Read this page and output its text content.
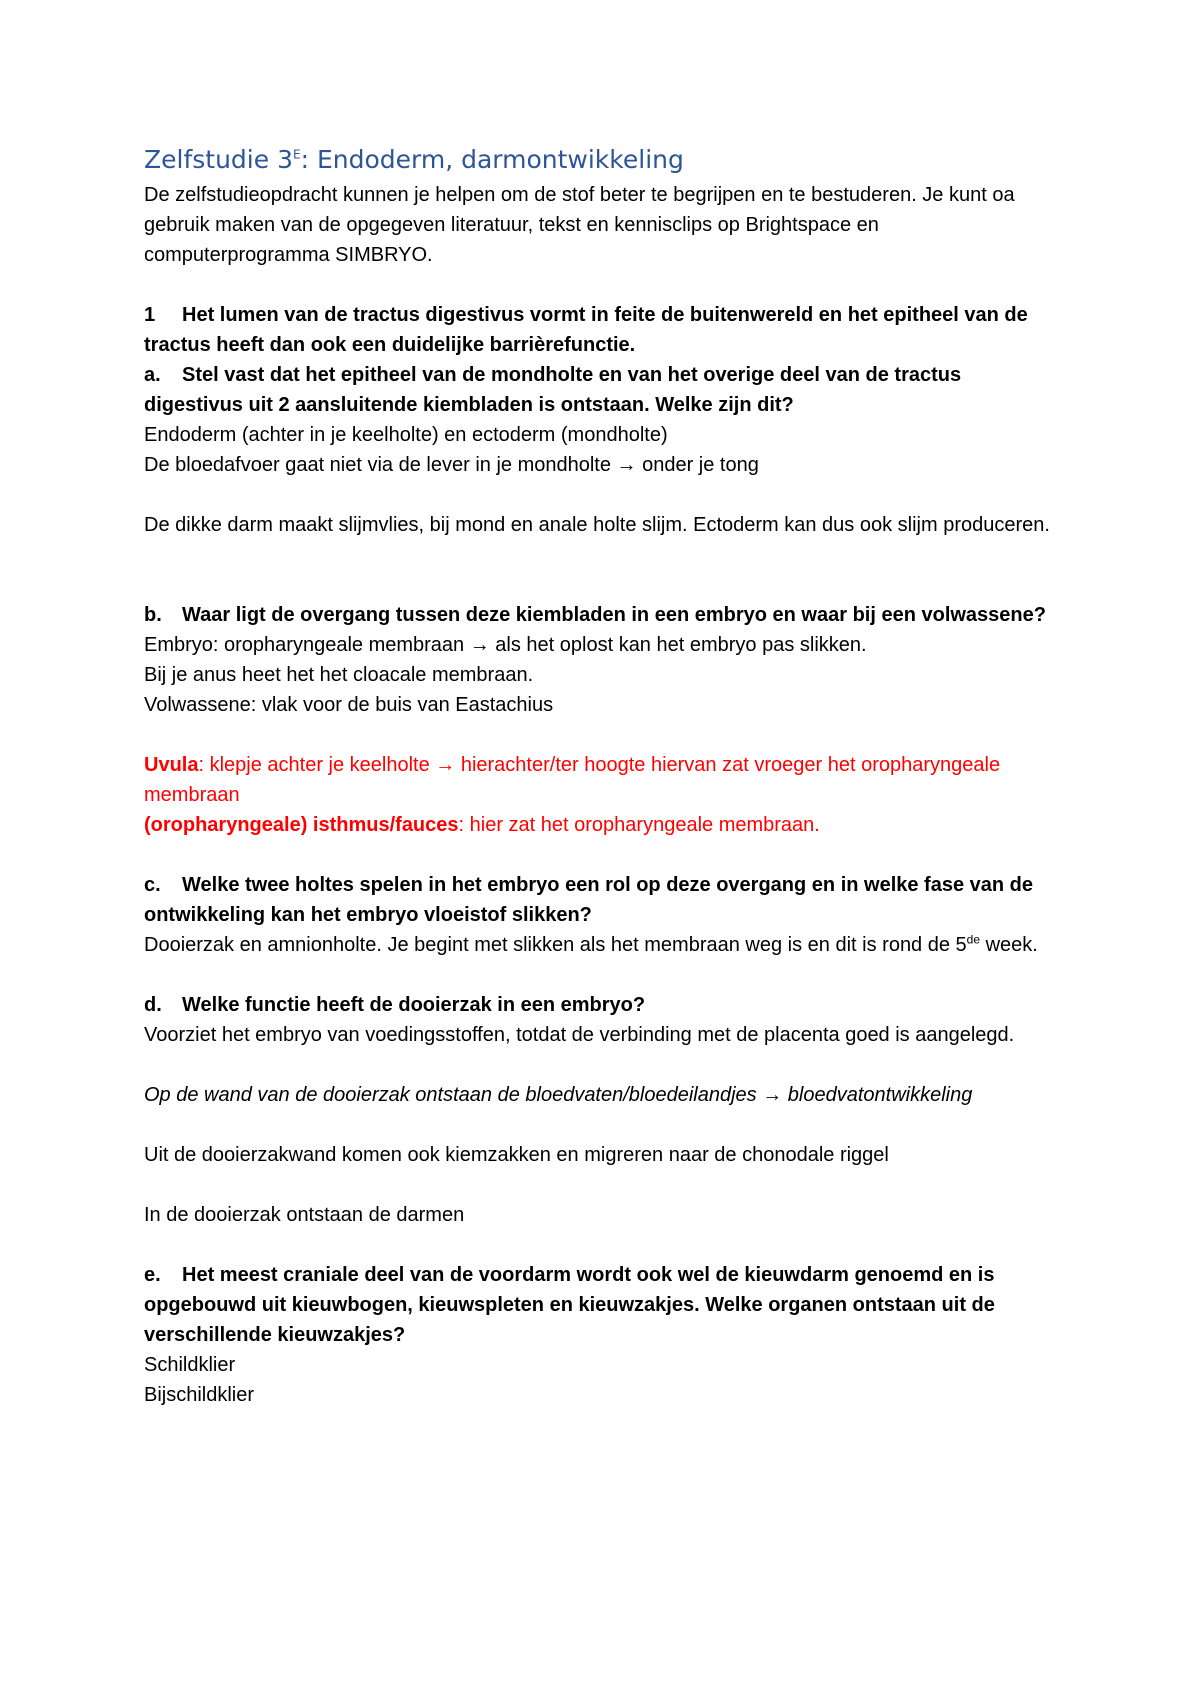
Zelfstudie $3^E$: Endoderm, darmontwikkeling

De zelfstudieopdracht kunnen je helpen om de stof beter te begrijpen en te bestuderen. Je kunt oa gebruik maken van de opgegeven literatuur, tekst en kennisclips op Brightspace en computerprogramma SIMBRYO.

1 Het lumen van de tractus digestivus vormt in feite de buitenwereld en het epitheel van de tractus heeft dan ook een duidelijke barrièrefunctie.

a. Stel vast dat het epitheel van de mondholte en van het overige deel van de tractus digestivus uit 2 aansluitende kiembladen is ontstaan. Welke zijn dit?

Endoderm (achter in je keelholte) en ectoderm (mondholte)

De bloedafvoer gaat niet via de lever in je mondholte → onder je tong

De dikke darm maakt slijmvlies, bij mond en anale holte slijm. Ectoderm kan dus ook slijm produceren.

b. Waar ligt de overgang tussen deze kiembladen in een embryo en waar bij een volwassene?

Embryo: oropharyngeale membraan → als het oplost kan het embryo pas slikken.

Bij je anus heet het het cloacale membraan.

Volwassene: vlak voor de buis van Eastachius

Uvula: klepje achter je keelholte → hierachter/ter hoogte hiervan zat vroeger het oropharyngeale membraan

(oropharyngeale) isthmus/fauces: hier zat het oropharyngeale membraan.

c. Welke twee holtes spelen in het embryo een rol op deze overgang en in welke fase van de ontwikkeling kan het embryo vloeistof slikken?

Dooierzak en amnionholte. Je begint met slikken als het membraan weg is en dit is rond de 5de week.

d. Welke functie heeft de dooierzak in een embryo?

Voorziet het embryo van voedingsstoffen, totdat de verbinding met de placenta goed is aangelegd.

Op de wand van de dooierzak ontstaan de bloedvaten/bloedeilandjes → bloedvatontwikkeling

Uit de dooierzakwand komen ook kiemzakken en migreren naar de chonodale riggel

In de dooierzak ontstaan de darmen

e. Het meest craniale deel van de voordarm wordt ook wel de kieuwdarm genoemd en is opgebouwd uit kieuwbogen, kieuwspleten en kieuwzakjes. Welke organen ontstaan uit de verschillende kieuwzakjes?

Schildklier

Bijschildklier
